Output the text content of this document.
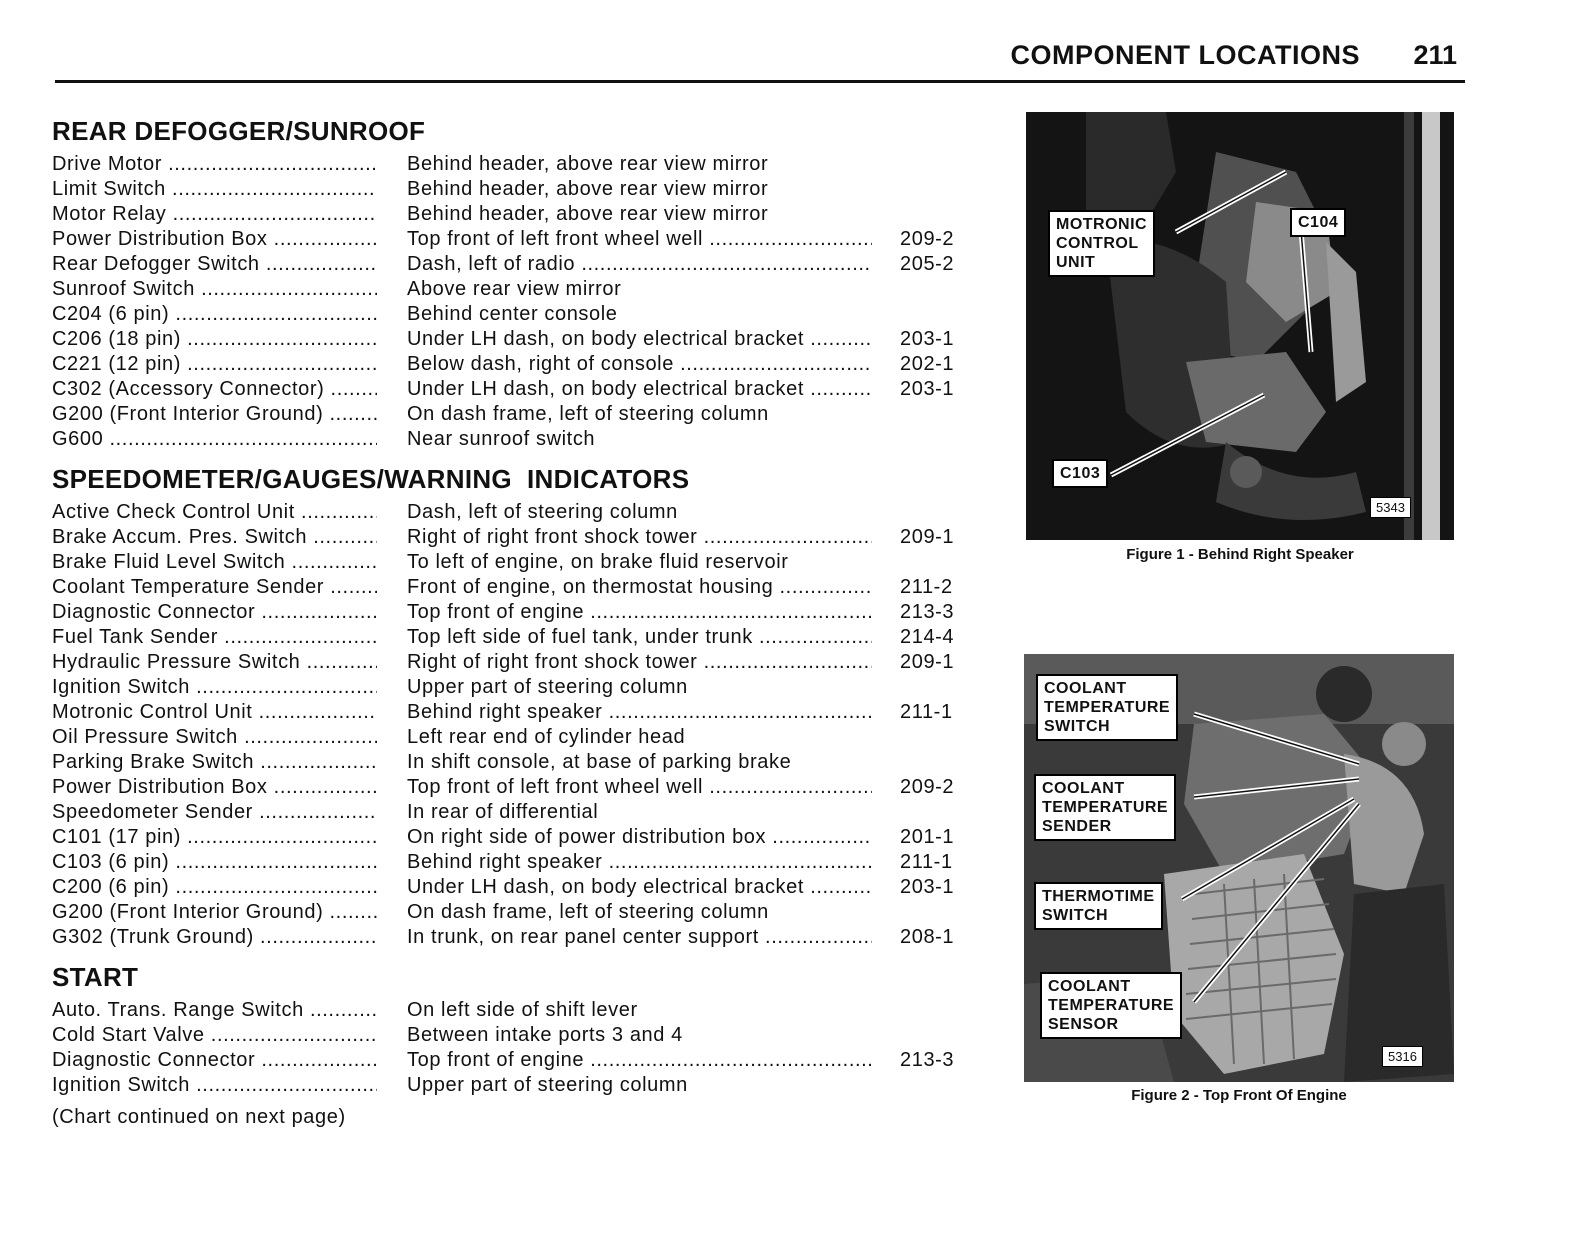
COMPONENT LOCATIONS 211
REAR DEFOGGER/SUNROOF
Drive Motor .....	Behind header, above rear view mirror
Limit Switch .....	Behind header, above rear view mirror
Motor Relay .....	Behind header, above rear view mirror
Power Distribution Box .....	Top front of left front wheel well .....	209-2
Rear Defogger Switch .....	Dash, left of radio .....	205-2
Sunroof Switch .....	Above rear view mirror
C204 (6 pin) .....	Behind center console
C206 (18 pin) .....	Under LH dash, on body electrical bracket .....	203-1
C221 (12 pin) .....	Below dash, right of console .....	202-1
C302 (Accessory Connector) .....	Under LH dash, on body electrical bracket .....	203-1
G200 (Front Interior Ground) .....	On dash frame, left of steering column
G600 .....	Near sunroof switch
SPEEDOMETER/GAUGES/WARNING  INDICATORS
Active Check Control Unit .....	Dash, left of steering column
Brake Accum. Pres. Switch .....	Right of right front shock tower .....	209-1
Brake Fluid Level Switch .....	To left of engine, on brake fluid reservoir
Coolant Temperature Sender .....	Front of engine, on thermostat housing .....	211-2
Diagnostic Connector .....	Top front of engine .....	213-3
Fuel Tank Sender .....	Top left side of fuel tank, under trunk .....	214-4
Hydraulic Pressure Switch .....	Right of right front shock tower .....	209-1
Ignition Switch .....	Upper part of steering column
Motronic Control Unit .....	Behind right speaker .....	211-1
Oil Pressure Switch .....	Left rear end of cylinder head
Parking Brake Switch .....	In shift console, at base of parking brake
Power Distribution Box .....	Top front of left front wheel well .....	209-2
Speedometer Sender .....	In rear of differential
C101 (17 pin) .....	On right side of power distribution box .....	201-1
C103 (6 pin) .....	Behind right speaker .....	211-1
C200 (6 pin) .....	Under LH dash, on body electrical bracket .....	203-1
G200 (Front Interior Ground) .....	On dash frame, left of steering column
G302 (Trunk Ground) .....	In trunk, on rear panel center support .....	208-1
START
Auto. Trans. Range Switch .....	On left side of shift lever
Cold Start Valve .....	Between intake ports 3 and 4
Diagnostic Connector .....	Top front of engine .....	213-3
Ignition Switch .....	Upper part of steering column
(Chart continued on next page)
MOTRONIC
CONTROL
UNIT
C104
C103
5343
Figure 1 - Behind Right Speaker
COOLANT
TEMPERATURE
SWITCH
COOLANT
TEMPERATURE
SENDER
THERMOTIME
SWITCH
COOLANT
TEMPERATURE
SENSOR
5316
Figure 2 - Top Front Of Engine
